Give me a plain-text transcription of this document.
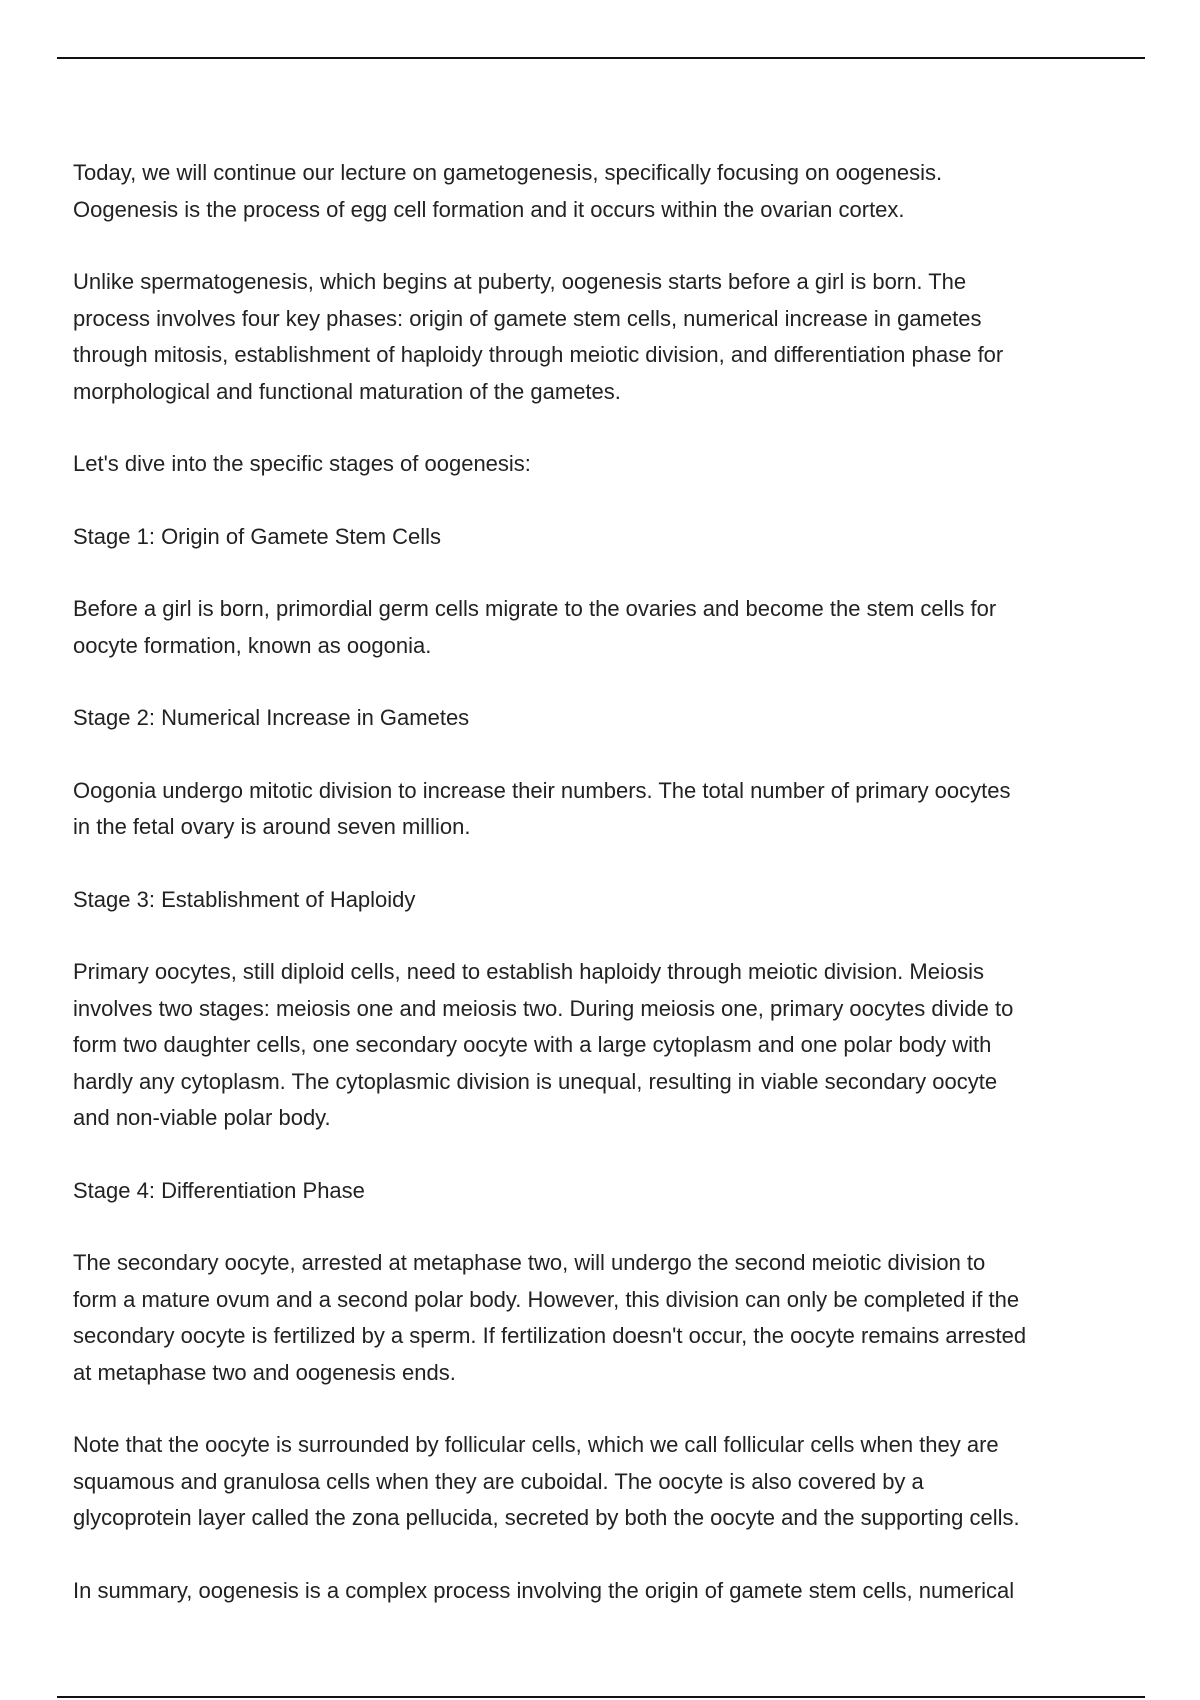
Today, we will continue our lecture on gametogenesis, specifically focusing on oogenesis.
Oogenesis is the process of egg cell formation and it occurs within the ovarian cortex.

Unlike spermatogenesis, which begins at puberty, oogenesis starts before a girl is born. The
process involves four key phases: origin of gamete stem cells, numerical increase in gametes
through mitosis, establishment of haploidy through meiotic division, and differentiation phase for
morphological and functional maturation of the gametes.

Let's dive into the specific stages of oogenesis:

Stage 1: Origin of Gamete Stem Cells

Before a girl is born, primordial germ cells migrate to the ovaries and become the stem cells for
oocyte formation, known as oogonia.

Stage 2: Numerical Increase in Gametes

Oogonia undergo mitotic division to increase their numbers. The total number of primary oocytes
in the fetal ovary is around seven million.

Stage 3: Establishment of Haploidy

Primary oocytes, still diploid cells, need to establish haploidy through meiotic division. Meiosis
involves two stages: meiosis one and meiosis two. During meiosis one, primary oocytes divide to
form two daughter cells, one secondary oocyte with a large cytoplasm and one polar body with
hardly any cytoplasm. The cytoplasmic division is unequal, resulting in viable secondary oocyte
and non-viable polar body.

Stage 4: Differentiation Phase

The secondary oocyte, arrested at metaphase two, will undergo the second meiotic division to
form a mature ovum and a second polar body. However, this division can only be completed if the
secondary oocyte is fertilized by a sperm. If fertilization doesn't occur, the oocyte remains arrested
at metaphase two and oogenesis ends.

Note that the oocyte is surrounded by follicular cells, which we call follicular cells when they are
squamous and granulosa cells when they are cuboidal. The oocyte is also covered by a
glycoprotein layer called the zona pellucida, secreted by both the oocyte and the supporting cells.

In summary, oogenesis is a complex process involving the origin of gamete stem cells, numerical
